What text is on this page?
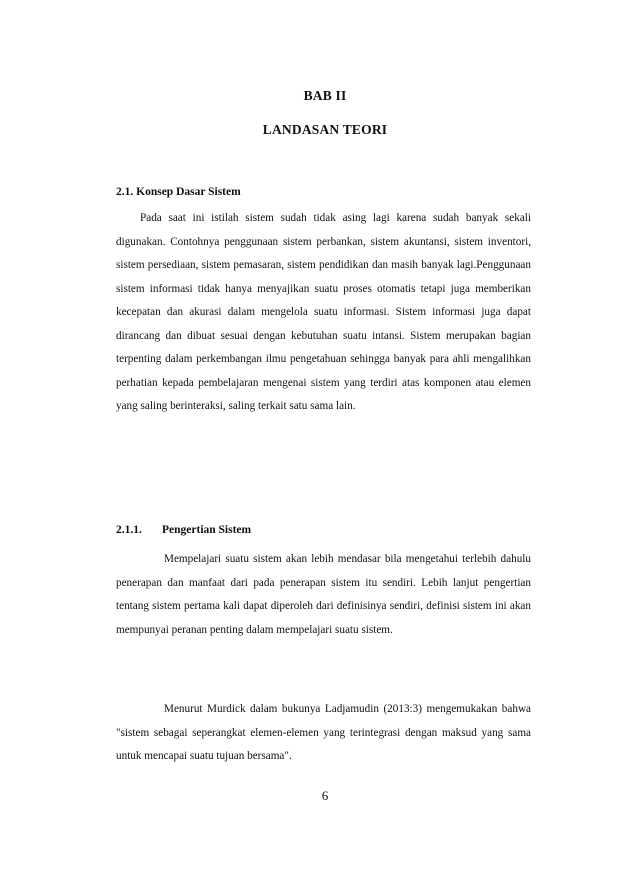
BAB II
LANDASAN TEORI
2.1. Konsep Dasar Sistem

Pada saat ini istilah sistem sudah tidak asing lagi karena sudah banyak sekali digunakan. Contohnya penggunaan sistem perbankan, sistem akuntansi, sistem inventori, sistem persediaan, sistem pemasaran, sistem pendidikan dan masih banyak lagi.Penggunaan sistem informasi tidak hanya menyajikan suatu proses otomatis tetapi juga memberikan kecepatan dan akurasi dalam mengelola suatu informasi. Sistem informasi juga dapat dirancang dan dibuat sesuai dengan kebutuhan suatu intansi. Sistem merupakan bagian terpenting dalam perkembangan ilmu pengetahuan sehingga banyak para ahli mengalihkan perhatian kepada pembelajaran mengenai sistem yang terdiri atas komponen atau elemen yang saling berinteraksi, saling terkait satu sama lain.

2.1.1. Pengertian Sistem

Mempelajari suatu sistem akan lebih mendasar bila mengetahui terlebih dahulu penerapan dan manfaat dari pada penerapan sistem itu sendiri. Lebih lanjut pengertian tentang sistem pertama kali dapat diperoleh dari definisinya sendiri, definisi sistem ini akan mempunyai peranan penting dalam mempelajari suatu sistem.

Menurut Murdick dalam bukunya Ladjamudin (2013:3) mengemukakan bahwa "sistem sebagai seperangkat elemen-elemen yang terintegrasi dengan maksud yang sama untuk mencapai suatu tujuan bersama".

6
